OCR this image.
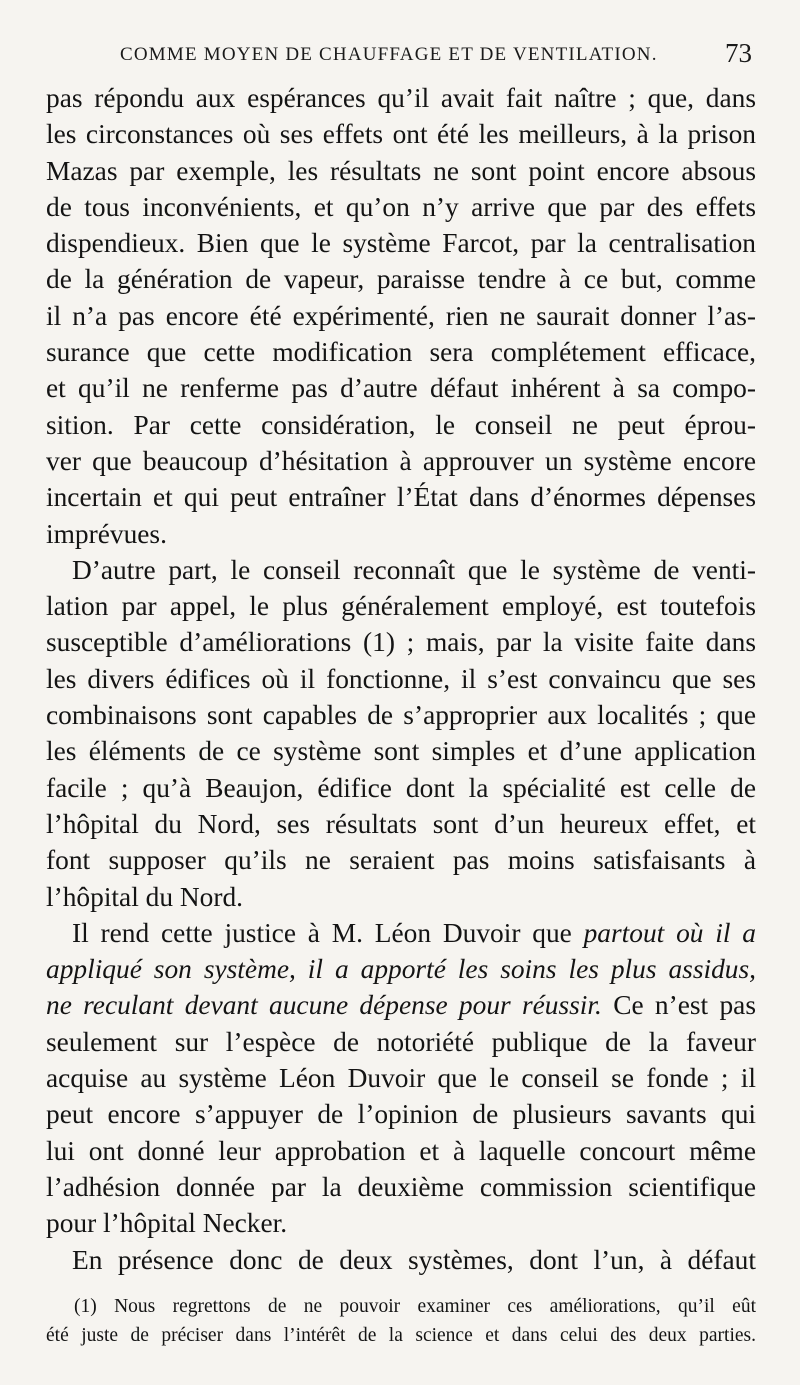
COMME MOYEN DE CHAUFFAGE ET DE VENTILATION. 73
pas répondu aux espérances qu’il avait fait naître ; que, dans
les circonstances où ses effets ont été les meilleurs, à la prison
Mazas par exemple, les résultats ne sont point encore absous
de tous inconvénients, et qu’on n’y arrive que par des effets
dispendieux. Bien que le système Farcot, par la centralisation
de la génération de vapeur, paraisse tendre à ce but, comme
il n’a pas encore été expérimenté, rien ne saurait donner l’as-
surance que cette modification sera complétement efficace,
et qu’il ne renferme pas d’autre défaut inhérent à sa compo-
sition. Par cette considération, le conseil ne peut éprou-
ver que beaucoup d’hésitation à approuver un système encore
incertain et qui peut entraîner l’État dans d’énormes dépenses
imprévues.
D’autre part, le conseil reconnaît que le système de venti-
lation par appel, le plus généralement employé, est toutefois
susceptible d’améliorations (1) ; mais, par la visite faite dans
les divers édifices où il fonctionne, il s’est convaincu que ses
combinaisons sont capables de s’approprier aux localités ; que
les éléments de ce système sont simples et d’une application
facile ; qu’à Beaujon, édifice dont la spécialité est celle de
l’hôpital du Nord, ses résultats sont d’un heureux effet, et
font supposer qu’ils ne seraient pas moins satisfaisants à
l’hôpital du Nord.
Il rend cette justice à M. Léon Duvoir que partout où il a
appliqué son système, il a apporté les soins les plus assidus,
ne reculant devant aucune dépense pour réussir. Ce n’est pas
seulement sur l’espèce de notoriété publique de la faveur
acquise au système Léon Duvoir que le conseil se fonde ; il
peut encore s’appuyer de l’opinion de plusieurs savants qui
lui ont donné leur approbation et à laquelle concourt même
l’adhésion donnée par la deuxième commission scientifique
pour l’hôpital Necker.
En présence donc de deux systèmes, dont l’un, à défaut
(1) Nous regrettons de ne pouvoir examiner ces améliorations, qu’il eût
été juste de préciser dans l’intérêt de la science et dans celui des deux parties.
